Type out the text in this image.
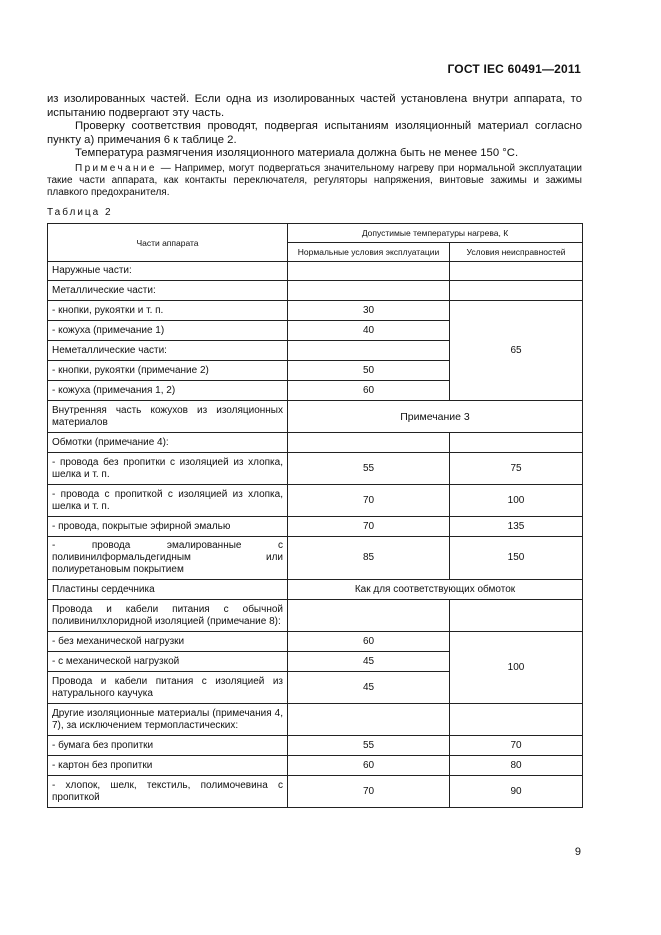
ГОСТ IEC 60491—2011

из изолированных частей. Если одна из изолированных частей установлена внутри аппарата, то испытанию подвергают эту часть.

Проверку соответствия проводят, подвергая испытаниям изоляционный материал согласно пункту а) примечания 6 к таблице 2.

Температура размягчения изоляционного материала должна быть не менее 150 °С.

Примечание — Например, могут подвергаться значительному нагреву при нормальной эксплуатации такие части аппарата, как контакты переключателя, регуляторы напряжения, винтовые зажимы и зажимы плавкого предохранителя.

Таблица 2
Части аппарата	Допустимые температуры нагрева, К	
	Нормальные условия эксплуатации	Условия неисправностей
Наружные части:		
Металлические части:		
- кнопки, рукоятки и т. п.	30	65
- кожуха (примечание 1)	40	
Неметаллические части:		
- кнопки, рукоятки (примечание 2)	50	
- кожуха (примечания 1, 2)	60	
Внутренняя часть кожухов из изоляционных материалов	Примечание 3	
Обмотки (примечание 4):		
- провода без пропитки с изоляцией из хлопка, шелка и т. п.	55	75
- провода с пропиткой с изоляцией из хлопка, шелка и т. п.	70	100
- провода, покрытые эфирной эмалью	70	135
- провода эмалированные с поливинилформальдегидным или полиуретановым покрытием	85	150
Пластины сердечника	Как для соответствующих обмоток	
Провода и кабели питания с обычной поливинилхлоридной изоляцией (примечание 8):		
- без механической нагрузки	60	100
- с механической нагрузкой	45	
Провода и кабели питания с изоляцией из натурального каучука	45	
Другие изоляционные материалы (примечания 4, 7), за исключением термопластических:		
- бумага без пропитки	55	70
- картон без пропитки	60	80
- хлопок, шелк, текстиль, полимочевина с пропиткой	70	90
9
